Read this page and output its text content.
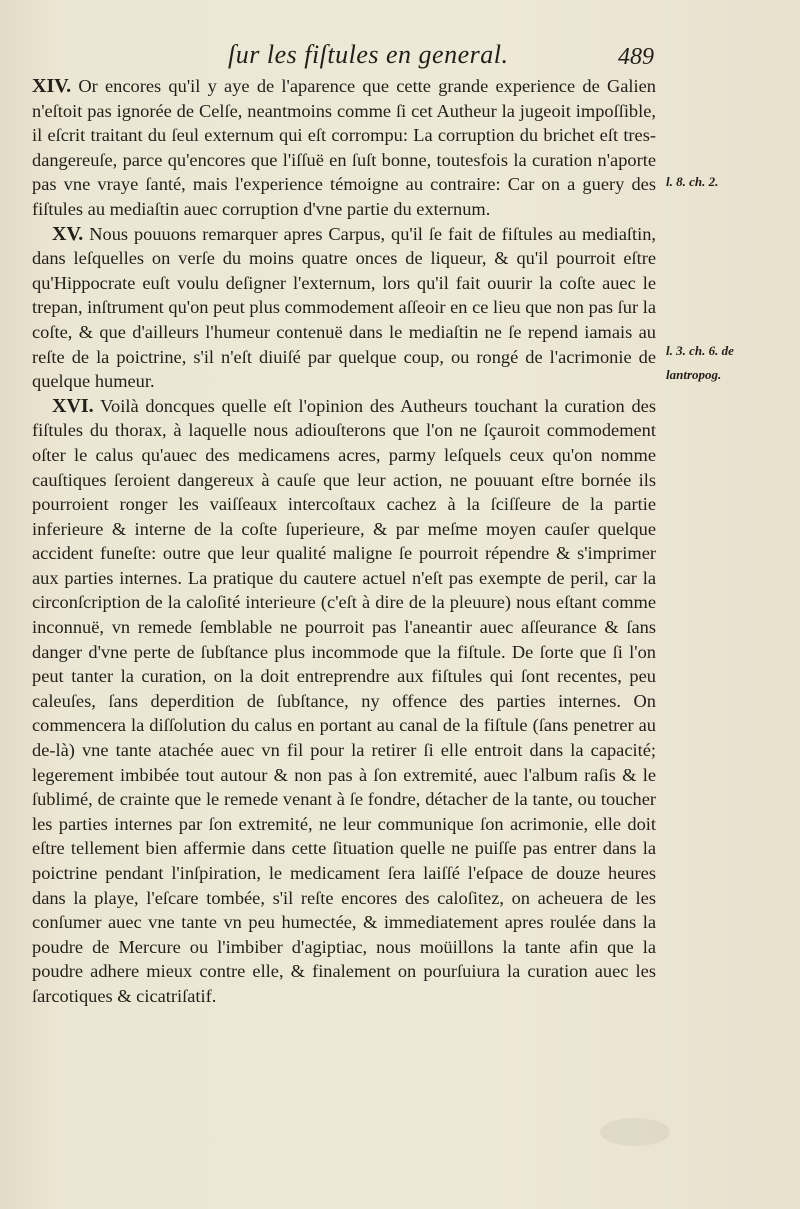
ſur les fiſtules en general.	489

XIV. Or encores qu'il y aye de l'aparence que cette grande experience de Galien n'eſtoit pas ignorée de Celſe, neantmoins comme ſi cet Autheur la jugeoit impoſſible, il eſcrit traitant du ſeul externum qui eſt corrompu: La corruption du brichet eſt tres-dangereuſe, parce qu'encores que l'iſſuë en ſuſt bonne, toutesfois la curation n'aporte pas vne vraye ſanté, mais l'experience témoigne au contraire: Car on a guery des fiſtules au mediaſtin auec corruption d'vne partie du externum.

XV. Nous pouuons remarquer apres Carpus, qu'il ſe fait de fiſtules au mediaſtin, dans leſquelles on verſe du moins quatre onces de liqueur, & qu'il pourroit eſtre qu'Hippocrate euſt voulu deſigner l'externum, lors qu'il fait ouurir la coſte auec le trepan, inſtrument qu'on peut plus commodement aſſeoir en ce lieu que non pas ſur la coſte, & que d'ailleurs l'humeur contenuë dans le mediaſtin ne ſe repend iamais au reſte de la poictrine, s'il n'eſt diuiſé par quelque coup, ou rongé de l'acrimonie de quelque humeur.

XVI. Voilà doncques quelle eſt l'opinion des Autheurs touchant la curation des fiſtules du thorax, à laquelle nous adiouſterons que l'on ne ſçauroit commodement oſter le calus qu'auec des medicamens acres, parmy leſquels ceux qu'on nomme cauſtiques ſeroient dangereux à cauſe que leur action, ne pouuant eſtre bornée ils pourroient ronger les vaiſſeaux intercoſtaux cachez à la ſciſſeure de la partie inferieure & interne de la coſte ſuperieure, & par meſme moyen cauſer quelque accident funeſte: outre que leur qualité maligne ſe pourroit répendre & s'imprimer aux parties internes. La pratique du cautere actuel n'eſt pas exempte de peril, car la circonſcription de la caloſité interieure (c'eſt à dire de la pleuure) nous eſtant comme inconnuë, vn remede ſemblable ne pourroit pas l'aneantir auec aſſeurance & ſans danger d'vne perte de ſubſtance plus incommode que la fiſtule. De ſorte que ſi l'on peut tanter la curation, on la doit entreprendre aux fiſtules qui ſont recentes, peu caleuſes, ſans deperdition de ſubſtance, ny offence des parties internes. On commencera la diſſolution du calus en portant au canal de la fiſtule (ſans penetrer au de-là) vne tante atachée auec vn fil pour la retirer ſi elle entroit dans la capacité; legerement imbibée tout autour & non pas à ſon extremité, auec l'album raſis & le ſublimé, de crainte que le remede venant à ſe fondre, détacher de la tante, ou toucher les parties internes par ſon extremité, ne leur communique ſon acrimonie, elle doit eſtre tellement bien affermie dans cette ſituation quelle ne puiſſe pas entrer dans la poictrine pendant l'inſpiration, le medicament ſera laiſſé l'eſpace de douze heures dans la playe, l'eſcare tombée, s'il reſte encores des caloſitez, on acheuera de les conſumer auec vne tante vn peu humectée, & immediatement apres roulée dans la poudre de Mercure ou l'imbiber d'agiptiac, nous moüillons la tante afin que la poudre adhere mieux contre elle, & finalement on pourſuiura la curation auec les ſarcotiques & cicatriſatif.

l. 8. ch. 2.
l. 3. ch. 6. de
lantropog.
